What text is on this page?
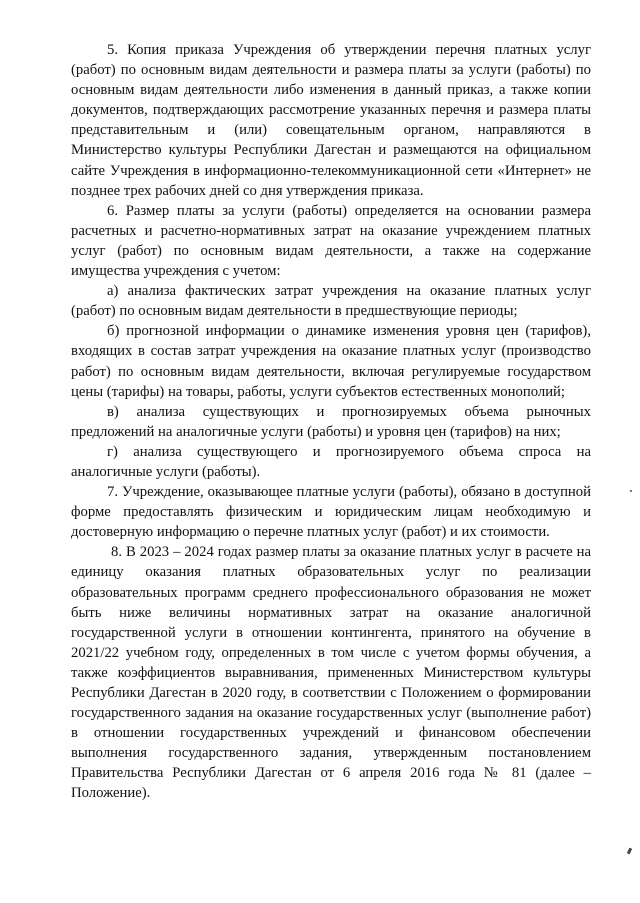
5. Копия приказа Учреждения об утверждении перечня платных услуг (работ) по основным видам деятельности и размера платы за услуги (работы) по основным видам деятельности либо изменения в данный приказ, а также копии документов, подтверждающих рассмотрение указанных перечня и размера платы представительным и (или) совещательным органом, направляются в Министерство культуры Республики Дагестан и размещаются на официальном сайте Учреждения в информационно-телекоммуникационной сети «Интернет» не позднее трех рабочих дней со дня утверждения приказа.

6. Размер платы за услуги (работы) определяется на основании размера расчетных и расчетно-нормативных затрат на оказание учреждением платных услуг (работ) по основным видам деятельности, а также на содержание имущества учреждения с учетом:

а) анализа фактических затрат учреждения на оказание платных услуг (работ) по основным видам деятельности в предшествующие периоды;

б) прогнозной информации о динамике изменения уровня цен (тарифов), входящих в состав затрат учреждения на оказание платных услуг (производство работ) по основным видам деятельности, включая регулируемые государством цены (тарифы) на товары, работы, услуги субъектов естественных монополий;

в) анализа существующих и прогнозируемых объема рыночных предложений на аналогичные услуги (работы) и уровня цен (тарифов) на них;

г) анализа существующего и прогнозируемого объема спроса на аналогичные услуги (работы).

7. Учреждение, оказывающее платные услуги (работы), обязано в доступной форме предоставлять физическим и юридическим лицам необходимую и достоверную информацию о перечне платных услуг (работ) и их стоимости.

8. В 2023 – 2024 годах размер платы за оказание платных услуг в расчете на единицу оказания платных образовательных услуг по реализации образовательных программ среднего профессионального образования не может быть ниже величины нормативных затрат на оказание аналогичной государственной услуги в отношении контингента, принятого на обучение в 2021/22 учебном году, определенных в том числе с учетом формы обучения, а также коэффициентов выравнивания, примененных Министерством культуры Республики Дагестан в 2020 году, в соответствии с Положением о формировании государственного задания на оказание государственных услуг (выполнение работ) в отношении государственных учреждений и финансовом обеспечении выполнения государственного задания, утвержденным постановлением Правительства Республики Дагестан от 6 апреля 2016 года № 81 (далее – Положение).
